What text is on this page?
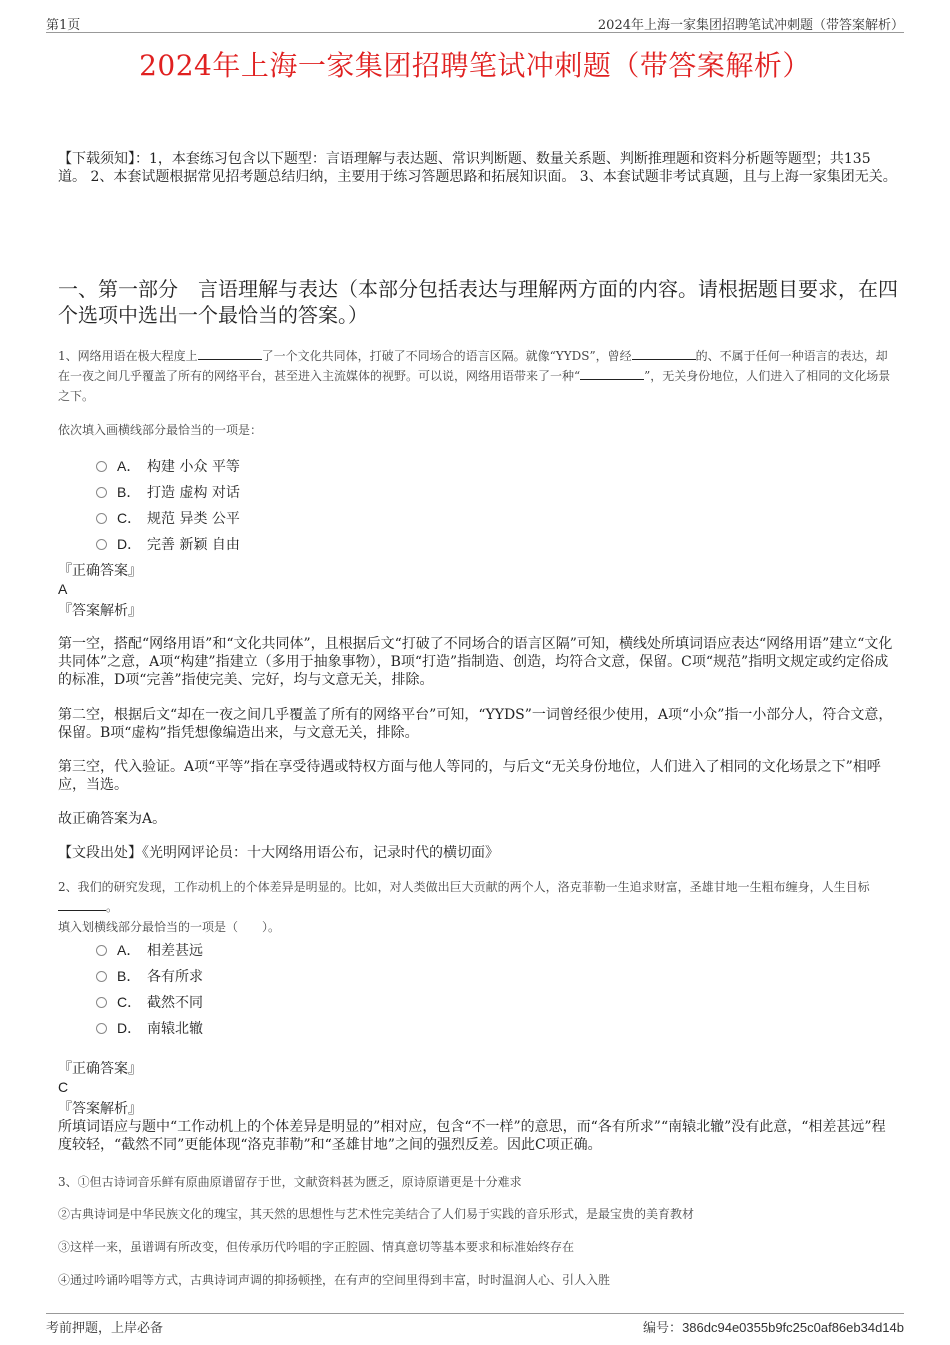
第1页	2024年上海一家集团招聘笔试冲刺题（带答案解析）
2024年上海一家集团招聘笔试冲刺题（带答案解析）
【下载须知】：1，本套练习包含以下题型：言语理解与表达题、常识判断题、数量关系题、判断推理题和资料分析题等题型；共135道。 2、本套试题根据常见招考题总结归纳，主要用于练习答题思路和拓展知识面。 3、本套试题非考试真题，且与上海一家集团无关。
一、第一部分　言语理解与表达（本部分包括表达与理解两方面的内容。请根据题目要求，在四个选项中选出一个最恰当的答案。）
1、网络用语在极大程度上	了一个文化共同体，打破了不同场合的语言区隔。就像“YYDS”，曾经	的、不属于任何一种语言的表达，却在一夜之间几乎覆盖了所有的网络平台，甚至进入主流媒体的视野。可以说，网络用语带来了一种“	”，无关身份地位，人们进入了相同的文化场景之下。
依次填入画横线部分最恰当的一项是：
A． 构建 小众 平等
B． 打造 虚构 对话
C． 规范 异类 公平
D． 完善 新颖 自由
『正确答案』
A
『答案解析』
第一空，搭配“网络用语”和“文化共同体”，且根据后文“打破了不同场合的语言区隔”可知，横线处所填词语应表达“网络用语”建立“文化共同体”之意，A项“构建”指建立（多用于抽象事物），B项“打造”指制造、创造，均符合文意，保留。C项“规范”指明文规定或约定俗成的标准，D项“完善”指使完美、完好，均与文意无关，排除。
第二空，根据后文“却在一夜之间几乎覆盖了所有的网络平台”可知，“YYDS”一词曾经很少使用，A项“小众”指一小部分人，符合文意，保留。B项“虚构”指凭想像编造出来，与文意无关，排除。
第三空，代入验证。A项“平等”指在享受待遇或特权方面与他人等同的，与后文“无关身份地位，人们进入了相同的文化场景之下”相呼应，当选。
故正确答案为A。
【文段出处】《光明网评论员：十大网络用语公布，记录时代的横切面》
2、我们的研究发现，工作动机上的个体差异是明显的。比如，对人类做出巨大贡献的两个人，洛克菲勒一生追求财富，圣雄甘地一生粗布缠身，人生目标。
填入划横线部分最恰当的一项是（　　）。
A． 相差甚远
B． 各有所求
C． 截然不同
D． 南辕北辙
『正确答案』
C
『答案解析』
所填词语应与题中“工作动机上的个体差异是明显的”相对应，包含“不一样”的意思，而“各有所求”“南辕北辙”没有此意，“相差甚远”程度较轻，“截然不同”更能体现“洛克菲勒”和“圣雄甘地”之间的强烈反差。因此C项正确。
3、①但古诗词音乐鲜有原曲原谱留存于世，文献资料甚为匮乏，原诗原谱更是十分难求
②古典诗词是中华民族文化的瑰宝，其天然的思想性与艺术性完美结合了人们易于实践的音乐形式，是最宝贵的美育教材
③这样一来，虽谱调有所改变，但传承历代吟唱的字正腔圆、情真意切等基本要求和标准始终存在
④通过吟诵吟唱等方式，古典诗词声调的抑扬顿挫，在有声的空间里得到丰富，时时温润人心、引人入胜
考前押题，上岸必备	编号：386dc94e0355b9fc25c0af86eb34d14b
